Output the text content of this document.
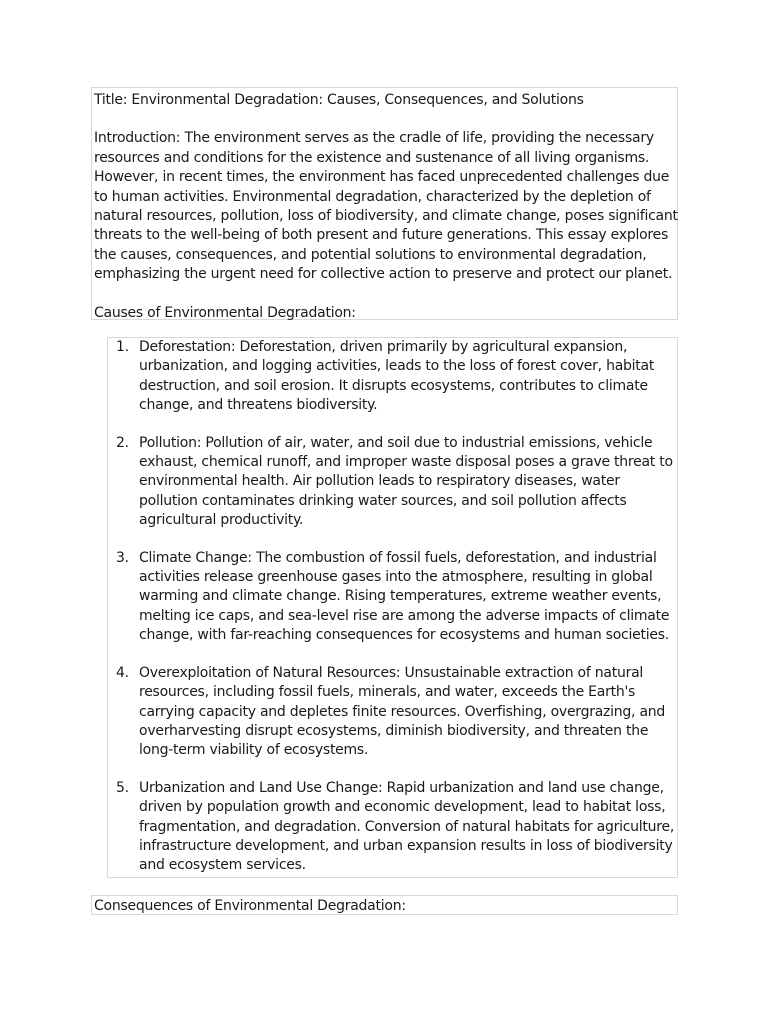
Title: Environmental Degradation: Causes, Consequences, and Solutions

Introduction: The environment serves as the cradle of life, providing the necessary
resources and conditions for the existence and sustenance of all living organisms.
However, in recent times, the environment has faced unprecedented challenges due
to human activities. Environmental degradation, characterized by the depletion of
natural resources, pollution, loss of biodiversity, and climate change, poses significant
threats to the well-being of both present and future generations. This essay explores
the causes, consequences, and potential solutions to environmental degradation,
emphasizing the urgent need for collective action to preserve and protect our planet.

Causes of Environmental Degradation:

1. Deforestation: Deforestation, driven primarily by agricultural expansion,
urbanization, and logging activities, leads to the loss of forest cover, habitat
destruction, and soil erosion. It disrupts ecosystems, contributes to climate
change, and threatens biodiversity.
2. Pollution: Pollution of air, water, and soil due to industrial emissions, vehicle
exhaust, chemical runoff, and improper waste disposal poses a grave threat to
environmental health. Air pollution leads to respiratory diseases, water
pollution contaminates drinking water sources, and soil pollution affects
agricultural productivity.
3. Climate Change: The combustion of fossil fuels, deforestation, and industrial
activities release greenhouse gases into the atmosphere, resulting in global
warming and climate change. Rising temperatures, extreme weather events,
melting ice caps, and sea-level rise are among the adverse impacts of climate
change, with far-reaching consequences for ecosystems and human societies.
4. Overexploitation of Natural Resources: Unsustainable extraction of natural
resources, including fossil fuels, minerals, and water, exceeds the Earth's
carrying capacity and depletes finite resources. Overfishing, overgrazing, and
overharvesting disrupt ecosystems, diminish biodiversity, and threaten the
long-term viability of ecosystems.
5. Urbanization and Land Use Change: Rapid urbanization and land use change,
driven by population growth and economic development, lead to habitat loss,
fragmentation, and degradation. Conversion of natural habitats for agriculture,
infrastructure development, and urban expansion results in loss of biodiversity
and ecosystem services.

Consequences of Environmental Degradation:
